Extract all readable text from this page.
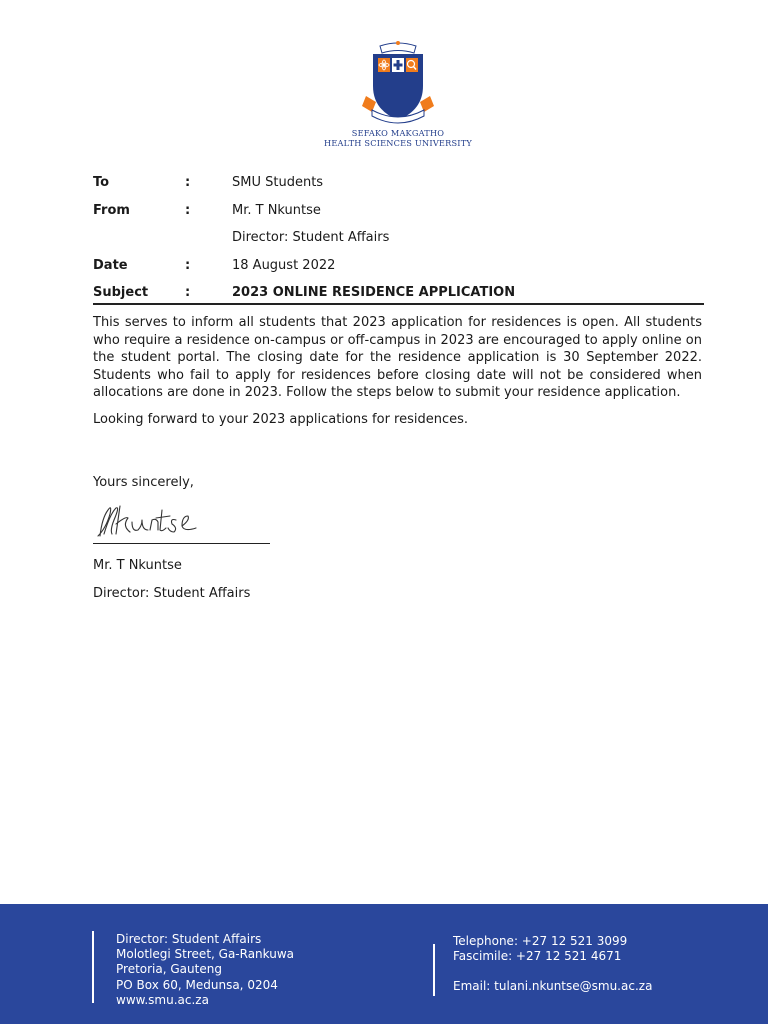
SEFAKO MAKGATHO
HEALTH SCIENCES UNIVERSITY
To	:	SMU Students
From	:	Mr. T Nkuntse
Director: Student Affairs
Date	:	18 August 2022
Subject	:	2023 ONLINE RESIDENCE APPLICATION

This serves to inform all students that 2023 application for residences is open. All students who require a residence on-campus or off-campus in 2023 are encouraged to apply online on the student portal. The closing date for the residence application is 30 September 2022. Students who fail to apply for residences before closing date will not be considered when allocations are done in 2023. Follow the steps below to submit your residence application.

Looking forward to your 2023 applications for residences.

Yours sincerely,
Mr. T Nkuntse
Director: Student Affairs
Director: Student Affairs
Molotlegi Street, Ga-Rankuwa
Pretoria, Gauteng
PO Box 60, Medunsa, 0204
www.smu.ac.za
Telephone: +27 12 521 3099
Fascimile: +27 12 521 4671
Email: tulani.nkuntse@smu.ac.za
